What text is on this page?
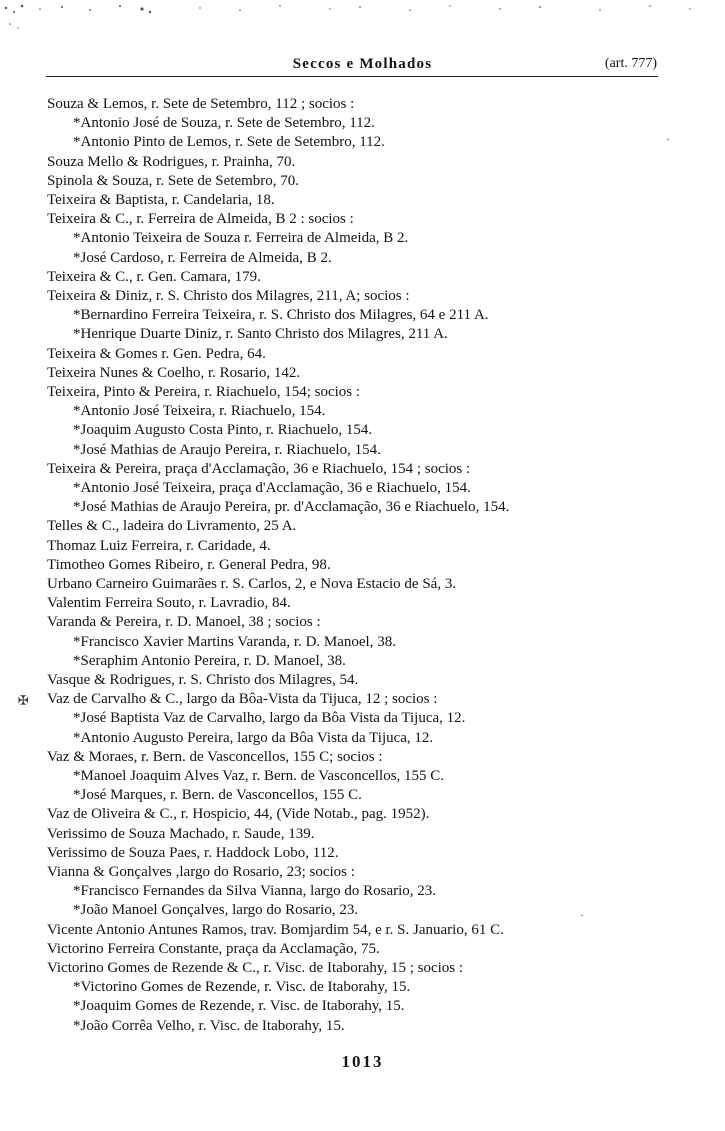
Seccos e Molhados	(art. 777)
Souza & Lemos, r. Sete de Setembro, 112 ; socios :
*Antonio José de Souza, r. Sete de Setembro, 112.
*Antonio Pinto de Lemos, r. Sete de Setembro, 112.
Souza Mello & Rodrigues, r. Prainha, 70.
Spinola & Souza, r. Sete de Setembro, 70.
Teixeira & Baptista, r. Candelaria, 18.
Teixeira & C., r. Ferreira de Almeida, B 2 : socios :
*Antonio Teixeira de Souza r. Ferreira de Almeida, B 2.
*José Cardoso, r. Ferreira de Almeida, B 2.
Teixeira & C., r. Gen. Camara, 179.
Teixeira & Diniz, r. S. Christo dos Milagres, 211, A; socios :
*Bernardino Ferreira Teixeira, r. S. Christo dos Milagres, 64 e 211 A.
*Henrique Duarte Diniz, r. Santo Christo dos Milagres, 211 A.
Teixeira & Gomes r. Gen. Pedra, 64.
Teixeira Nunes & Coelho, r. Rosario, 142.
Teixeira, Pinto & Pereira, r. Riachuelo, 154; socios :
*Antonio José Teixeira, r. Riachuelo, 154.
*Joaquim Augusto Costa Pinto, r. Riachuelo, 154.
*José Mathias de Araujo Pereira, r. Riachuelo, 154.
Teixeira & Pereira, praça d'Acclamação, 36 e Riachuelo, 154 ; socios :
*Antonio José Teixeira, praça d'Acclamação, 36 e Riachuelo, 154.
*José Mathias de Araujo Pereira, pr. d'Acclamação, 36 e Riachuelo, 154.
Telles & C., ladeira do Livramento, 25 A.
Thomaz Luiz Ferreira, r. Caridade, 4.
Timotheo Gomes Ribeiro, r. General Pedra, 98.
Urbano Carneiro Guimarães r. S. Carlos, 2, e Nova Estacio de Sá, 3.
Valentim Ferreira Souto, r. Lavradio, 84.
Varanda & Pereira, r. D. Manoel, 38 ; socios :
*Francisco Xavier Martins Varanda, r. D. Manoel, 38.
*Seraphim Antonio Pereira, r. D. Manoel, 38.
Vasque & Rodrigues, r. S. Christo dos Milagres, 54.
Vaz de Carvalho & C., largo da Bôa-Vista da Tijuca, 12 ; socios :
*José Baptista Vaz de Carvalho, largo da Bôa Vista da Tijuca, 12.
*Antonio Augusto Pereira, largo da Bôa Vista da Tijuca, 12.
Vaz & Moraes, r. Bern. de Vasconcellos, 155 C; socios :
*Manoel Joaquim Alves Vaz, r. Bern. de Vasconcellos, 155 C.
*José Marques, r. Bern. de Vasconcellos, 155 C.
Vaz de Oliveira & C., r. Hospicio, 44, (Vide Notab., pag. 1952).
Verissimo de Souza Machado, r. Saude, 139.
Verissimo de Souza Paes, r. Haddock Lobo, 112.
Vianna & Gonçalves ,largo do Rosario, 23; socios :
*Francisco Fernandes da Silva Vianna, largo do Rosario, 23.
*João Manoel Gonçalves, largo do Rosario, 23.
Vicente Antonio Antunes Ramos, trav. Bomjardim 54, e r. S. Januario, 61 C.
Victorino Ferreira Constante, praça da Acclamação, 75.
Victorino Gomes de Rezende & C., r. Visc. de Itaborahy, 15 ; socios :
*Victorino Gomes de Rezende, r. Visc. de Itaborahy, 15.
*Joaquim Gomes de Rezende, r. Visc. de Itaborahy, 15.
*João Corrêa Velho, r. Visc. de Itaborahy, 15.
✠
ˋ
·
1013
